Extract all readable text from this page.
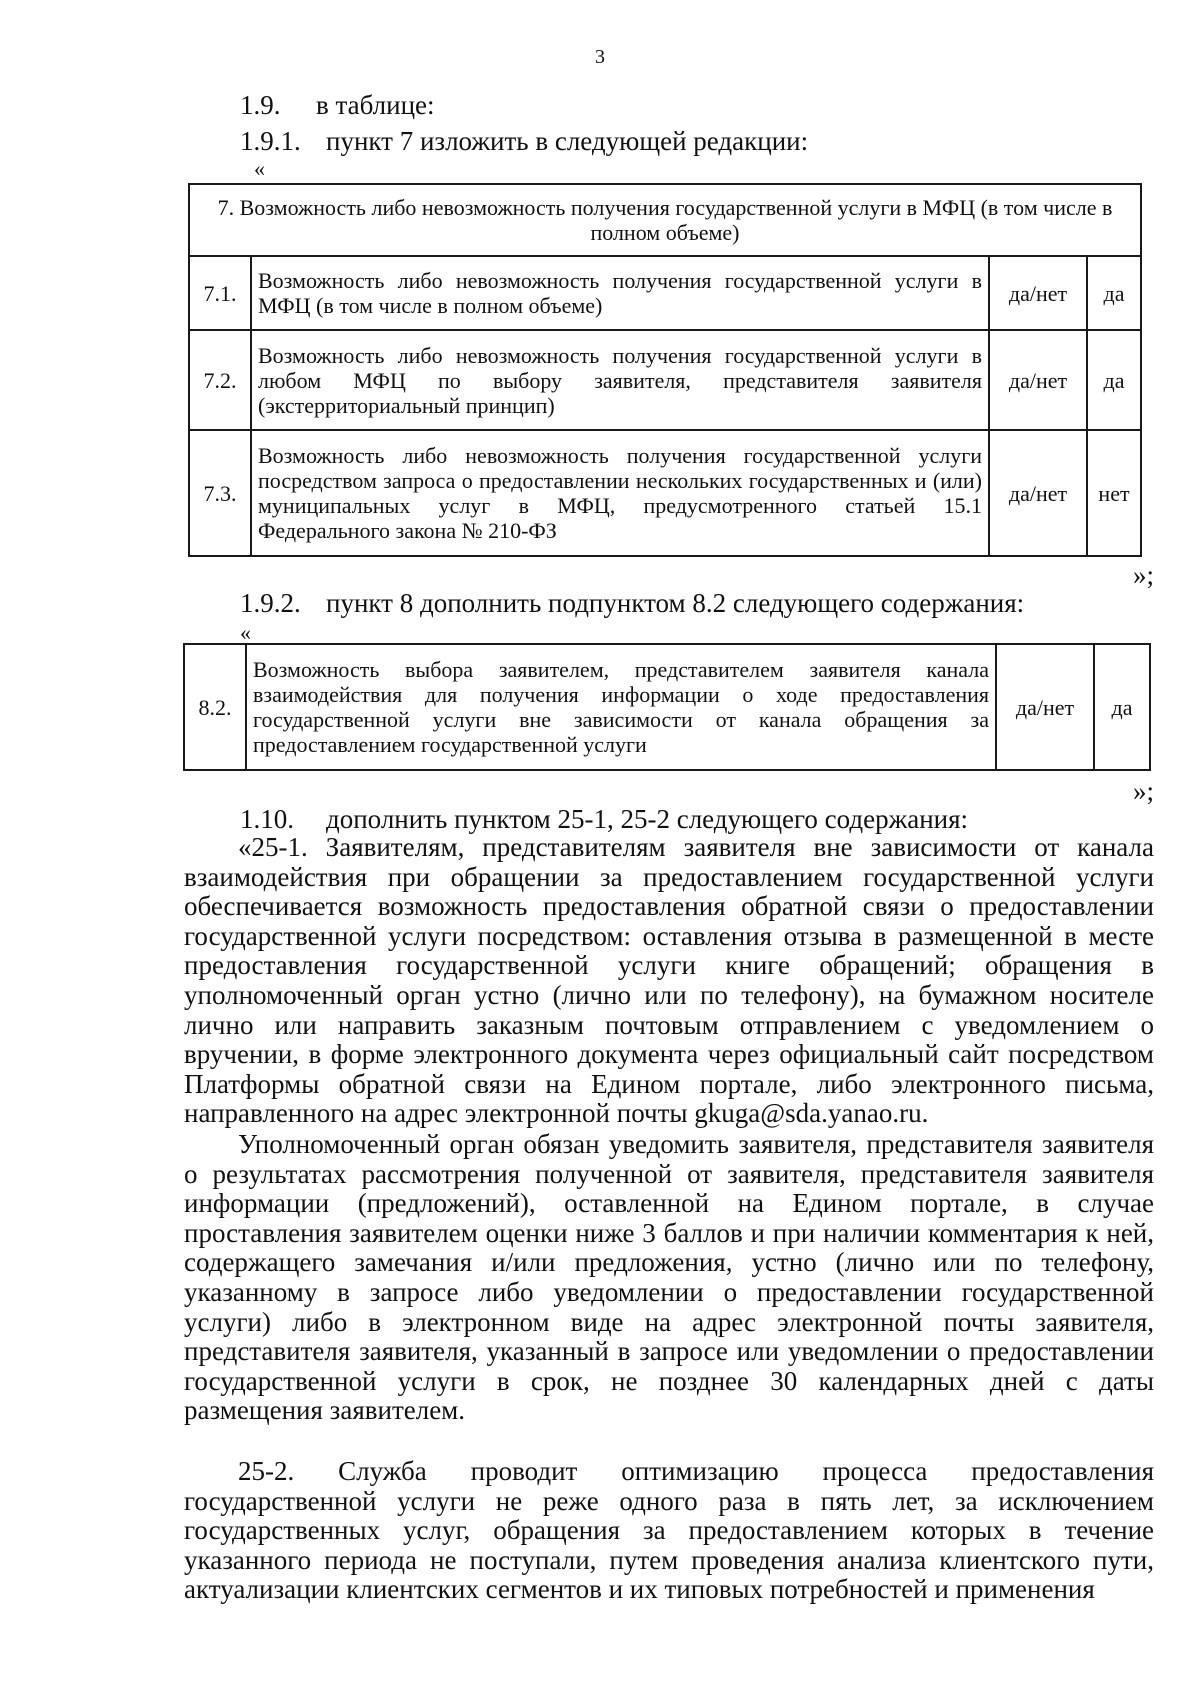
3
1.9. в таблице:
1.9.1. пункт 7 изложить в следующей редакции:
«
7. Возможность либо невозможность получения государственной услуги в МФЦ (в том числе в полном объеме)			
7.1.	Возможность либо невозможность получения государственной услуги в МФЦ (в том числе в полном объеме)	да/нет	да
7.2.	Возможность либо невозможность получения государственной услуги в любом МФЦ по выбору заявителя, представителя заявителя (экстерриториальный принцип)	да/нет	да
7.3.	Возможность либо невозможность получения государственной услуги посредством запроса о предоставлении нескольких государственных и (или) муниципальных услуг в МФЦ, предусмотренного статьей 15.1 Федерального закона № 210-ФЗ	да/нет	нет
»;
1.9.2. пункт 8 дополнить подпунктом 8.2 следующего содержания:
«
8.2.	Возможность выбора заявителем, представителем заявителя канала взаимодействия для получения информации о ходе предоставления государственной услуги вне зависимости от канала обращения за предоставлением государственной услуги	да/нет	да
»;
1.10. дополнить пунктом 25-1, 25-2 следующего содержания:
«25-1. Заявителям, представителям заявителя вне зависимости от канала взаимодействия при обращении за предоставлением государственной услуги обеспечивается возможность предоставления обратной связи о предоставлении государственной услуги посредством: оставления отзыва в размещенной в месте предоставления государственной услуги книге обращений; обращения в уполномоченный орган устно (лично или по телефону), на бумажном носителе лично или направить заказным почтовым отправлением с уведомлением о вручении, в форме электронного документа через официальный сайт посредством Платформы обратной связи на Едином портале, либо электронного письма, направленного на адрес электронной почты gkuga@sda.yanao.ru.
Уполномоченный орган обязан уведомить заявителя, представителя заявителя о результатах рассмотрения полученной от заявителя, представителя заявителя информации (предложений), оставленной на Едином портале, в случае проставления заявителем оценки ниже 3 баллов и при наличии комментария к ней, содержащего замечания и/или предложения, устно (лично или по телефону, указанному в запросе либо уведомлении о предоставлении государственной услуги) либо в электронном виде на адрес электронной почты заявителя, представителя заявителя, указанный в запросе или уведомлении о предоставлении государственной услуги в срок, не позднее 30 календарных дней с даты размещения заявителем.
25-2. Служба проводит оптимизацию процесса предоставления государственной услуги не реже одного раза в пять лет, за исключением государственных услуг, обращения за предоставлением которых в течение указанного периода не поступали, путем проведения анализа клиентского пути, актуализации клиентских сегментов и их типовых потребностей и применения
